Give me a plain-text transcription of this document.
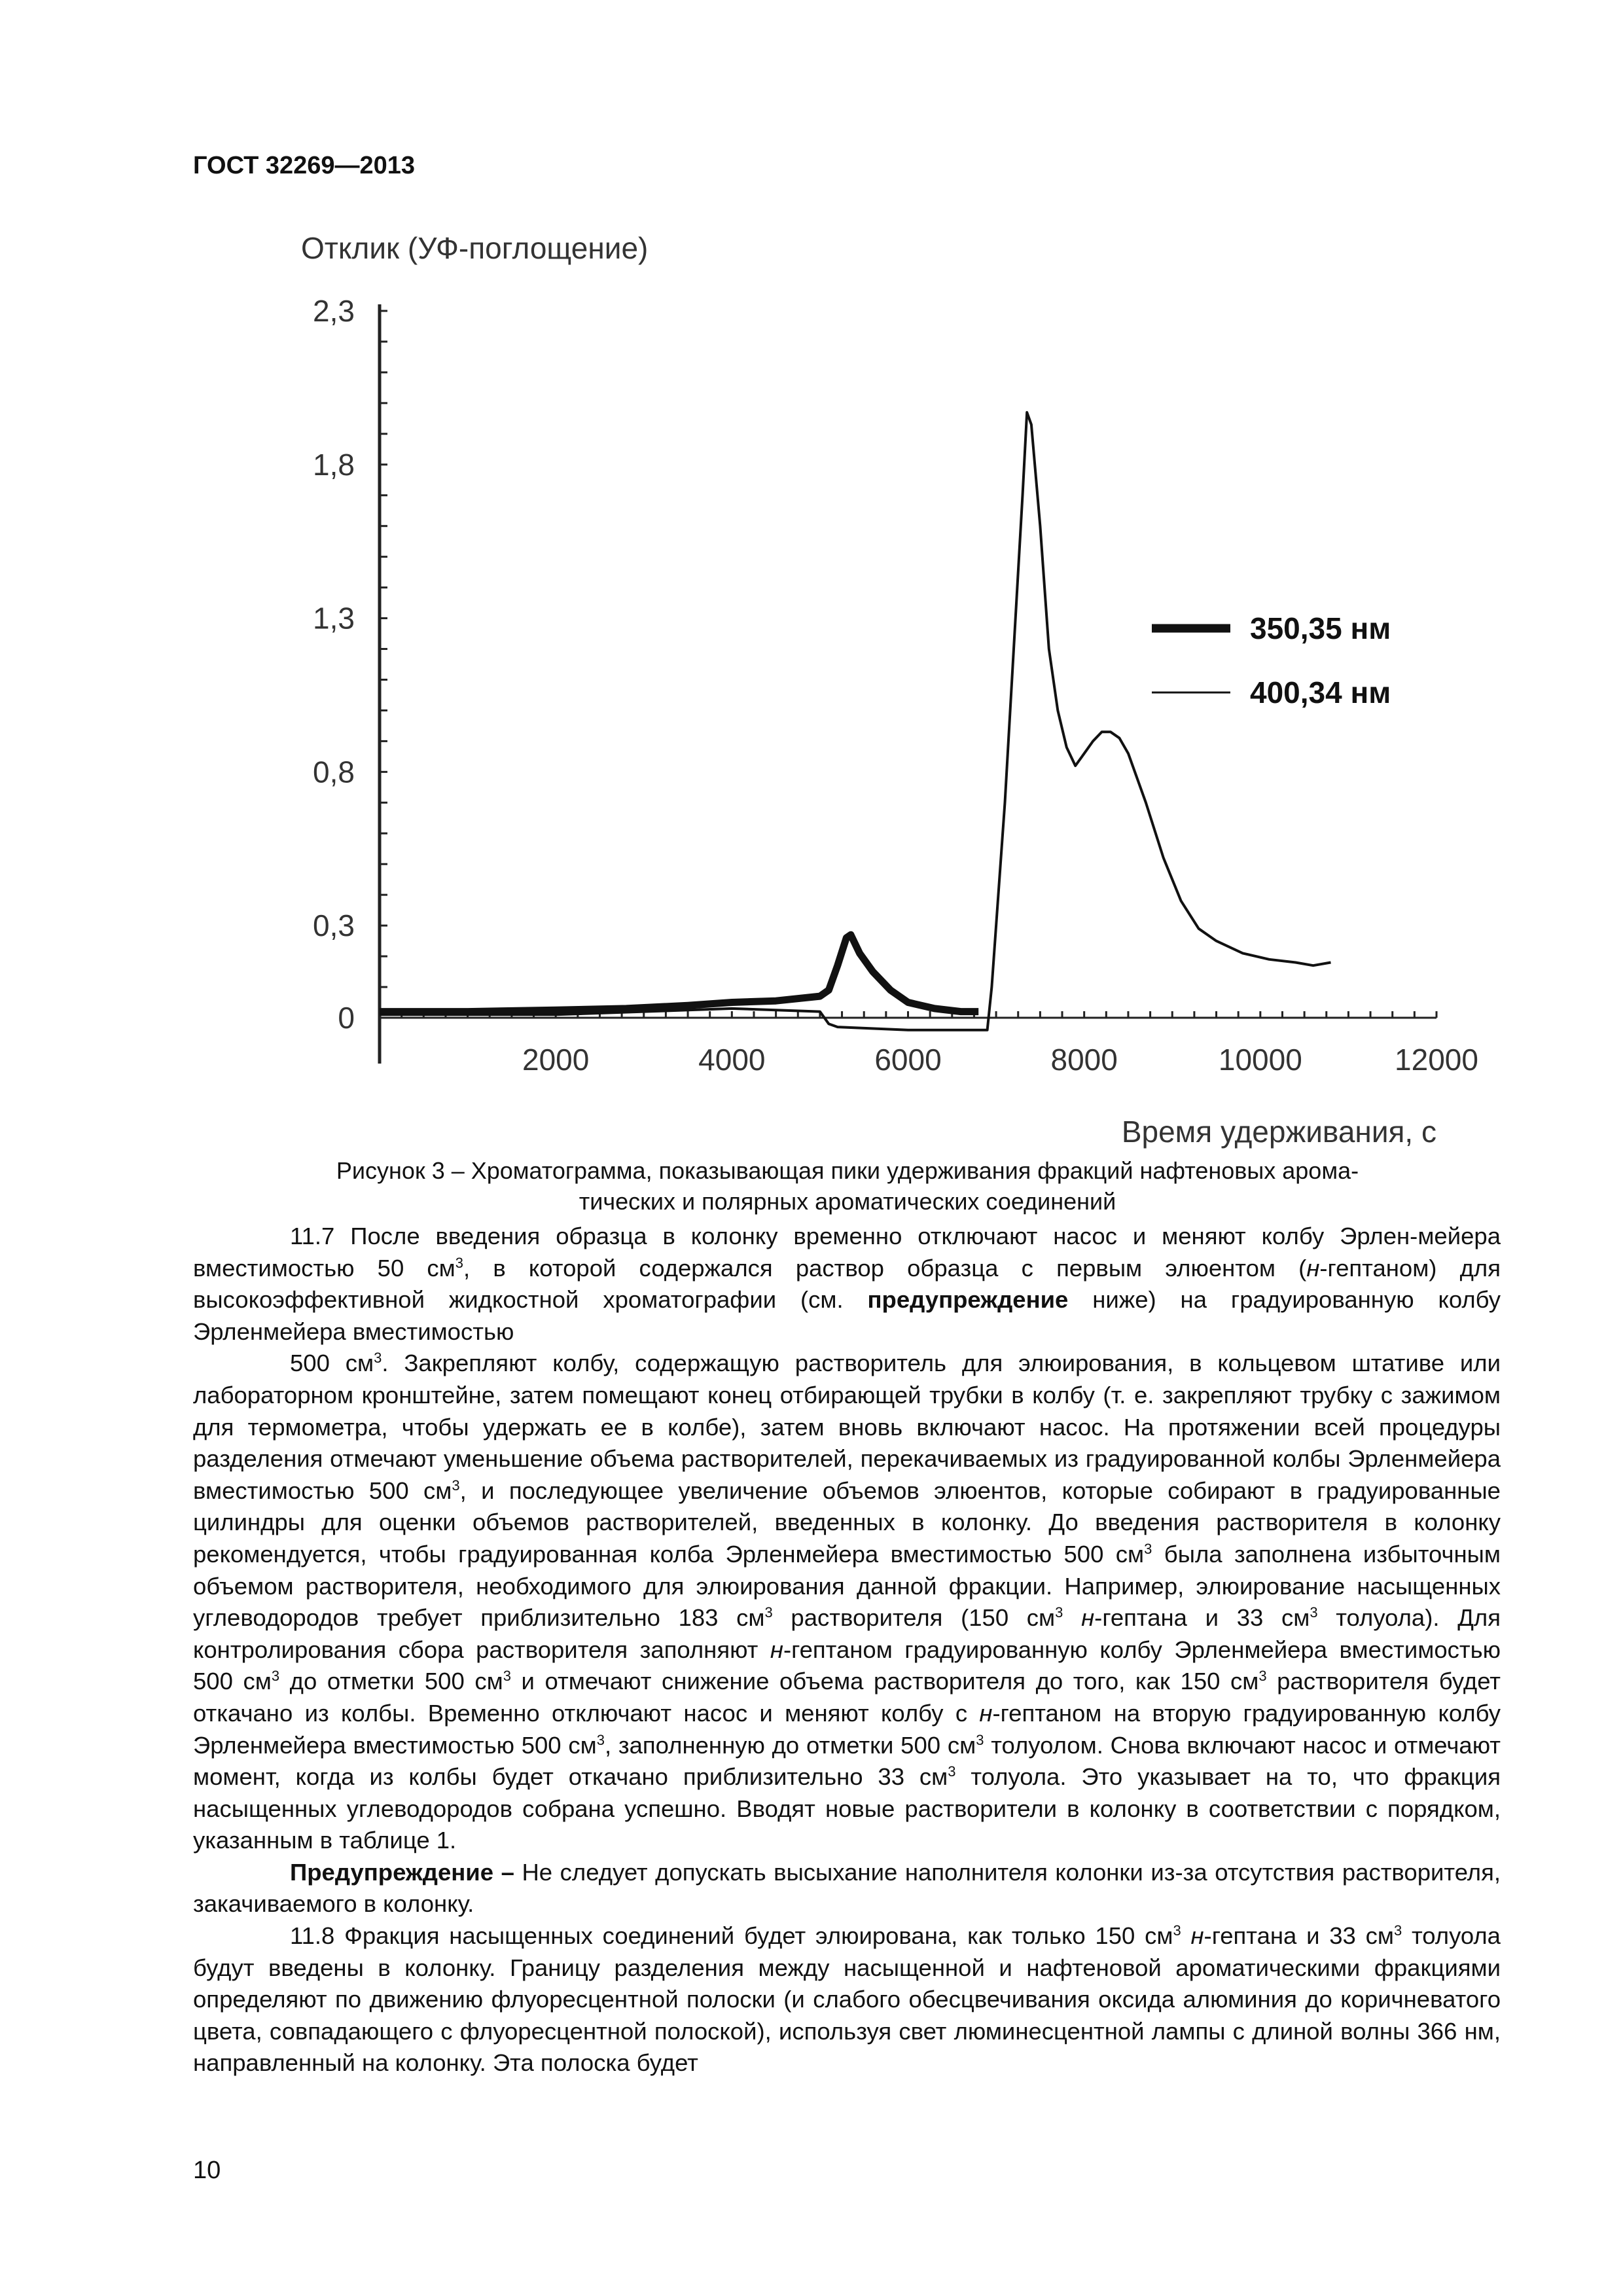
ГОСТ 32269—2013
Отклик (УФ-поглощение)
0
0,3
0,8
1,3
1,8
2,3
2000	4000	6000	8000	10000	12000
Время удерживания, с
350,35 нм
400,34 нм
Рисунок 3 – Хроматограмма, показывающая пики удерживания фракций нафтеновых арома-
тических и полярных ароматических соединений

11.7 После введения образца в колонку временно отключают насос и меняют колбу Эрлен-мейера вместимостью 50 $см^3$, в которой содержался раствор образца с первым элюентом (н-гептаном) для высокоэффективной жидкостной хроматографии (см. предупреждение ниже) на градуированную колбу Эрленмейера вместимостью

500 $см^3$. Закрепляют колбу, содержащую растворитель для элюирования, в кольцевом штативе или лабораторном кронштейне, затем помещают конец отбирающей трубки в колбу (т. е. закрепляют трубку с зажимом для термометра, чтобы удержать ее в колбе), затем вновь включают насос. На протяжении всей процедуры разделения отмечают уменьшение объема растворителей, перекачиваемых из градуированной колбы Эрленмейера вместимостью 500 $см^3$, и последующее увеличение объемов элюентов, которые собирают в градуированные цилиндры для оценки объемов растворителей, введенных в колонку. До введения растворителя в колонку рекомендуется, чтобы градуированная колба Эрленмейера вместимостью 500 $см^3$ была заполнена избыточным объемом растворителя, необходимого для элюирования данной фракции. Например, элюирование насыщенных углеводородов требует приблизительно 183 $см^3$ растворителя (150 $см^3$ н-гептана и 33 $см^3$ толуола). Для контролирования сбора растворителя заполняют н-гептаном градуированную колбу Эрленмейера вместимостью 500 $см^3$ до отметки 500 $см^3$ и отмечают снижение объема растворителя до того, как 150 $см^3$ растворителя будет откачано из колбы. Временно отключают насос и меняют колбу с н-гептаном на вторую градуированную колбу Эрленмейера вместимостью 500 $см^3$, заполненную до отметки 500 $см^3$ толуолом. Снова включают насос и отмечают момент, когда из колбы будет откачано приблизительно 33 $см^3$ толуола. Это указывает на то, что фракция насыщенных углеводородов собрана успешно. Вводят новые растворители в колонку в соответствии с порядком, указанным в таблице 1.

Предупреждение – Не следует допускать высыхание наполнителя колонки из-за отсутствия растворителя, закачиваемого в колонку.

11.8 Фракция насыщенных соединений будет элюирована, как только 150 $см^3$ н-гептана и 33 $см^3$ толуола будут введены в колонку. Границу разделения между насыщенной и нафтеновой ароматическими фракциями определяют по движению флуоресцентной полоски (и слабого обесцвечивания оксида алюминия до коричневатого цвета, совпадающего с флуоресцентной полоской), используя свет люминесцентной лампы с длиной волны 366 нм, направленный на колонку. Эта полоска будет

10
